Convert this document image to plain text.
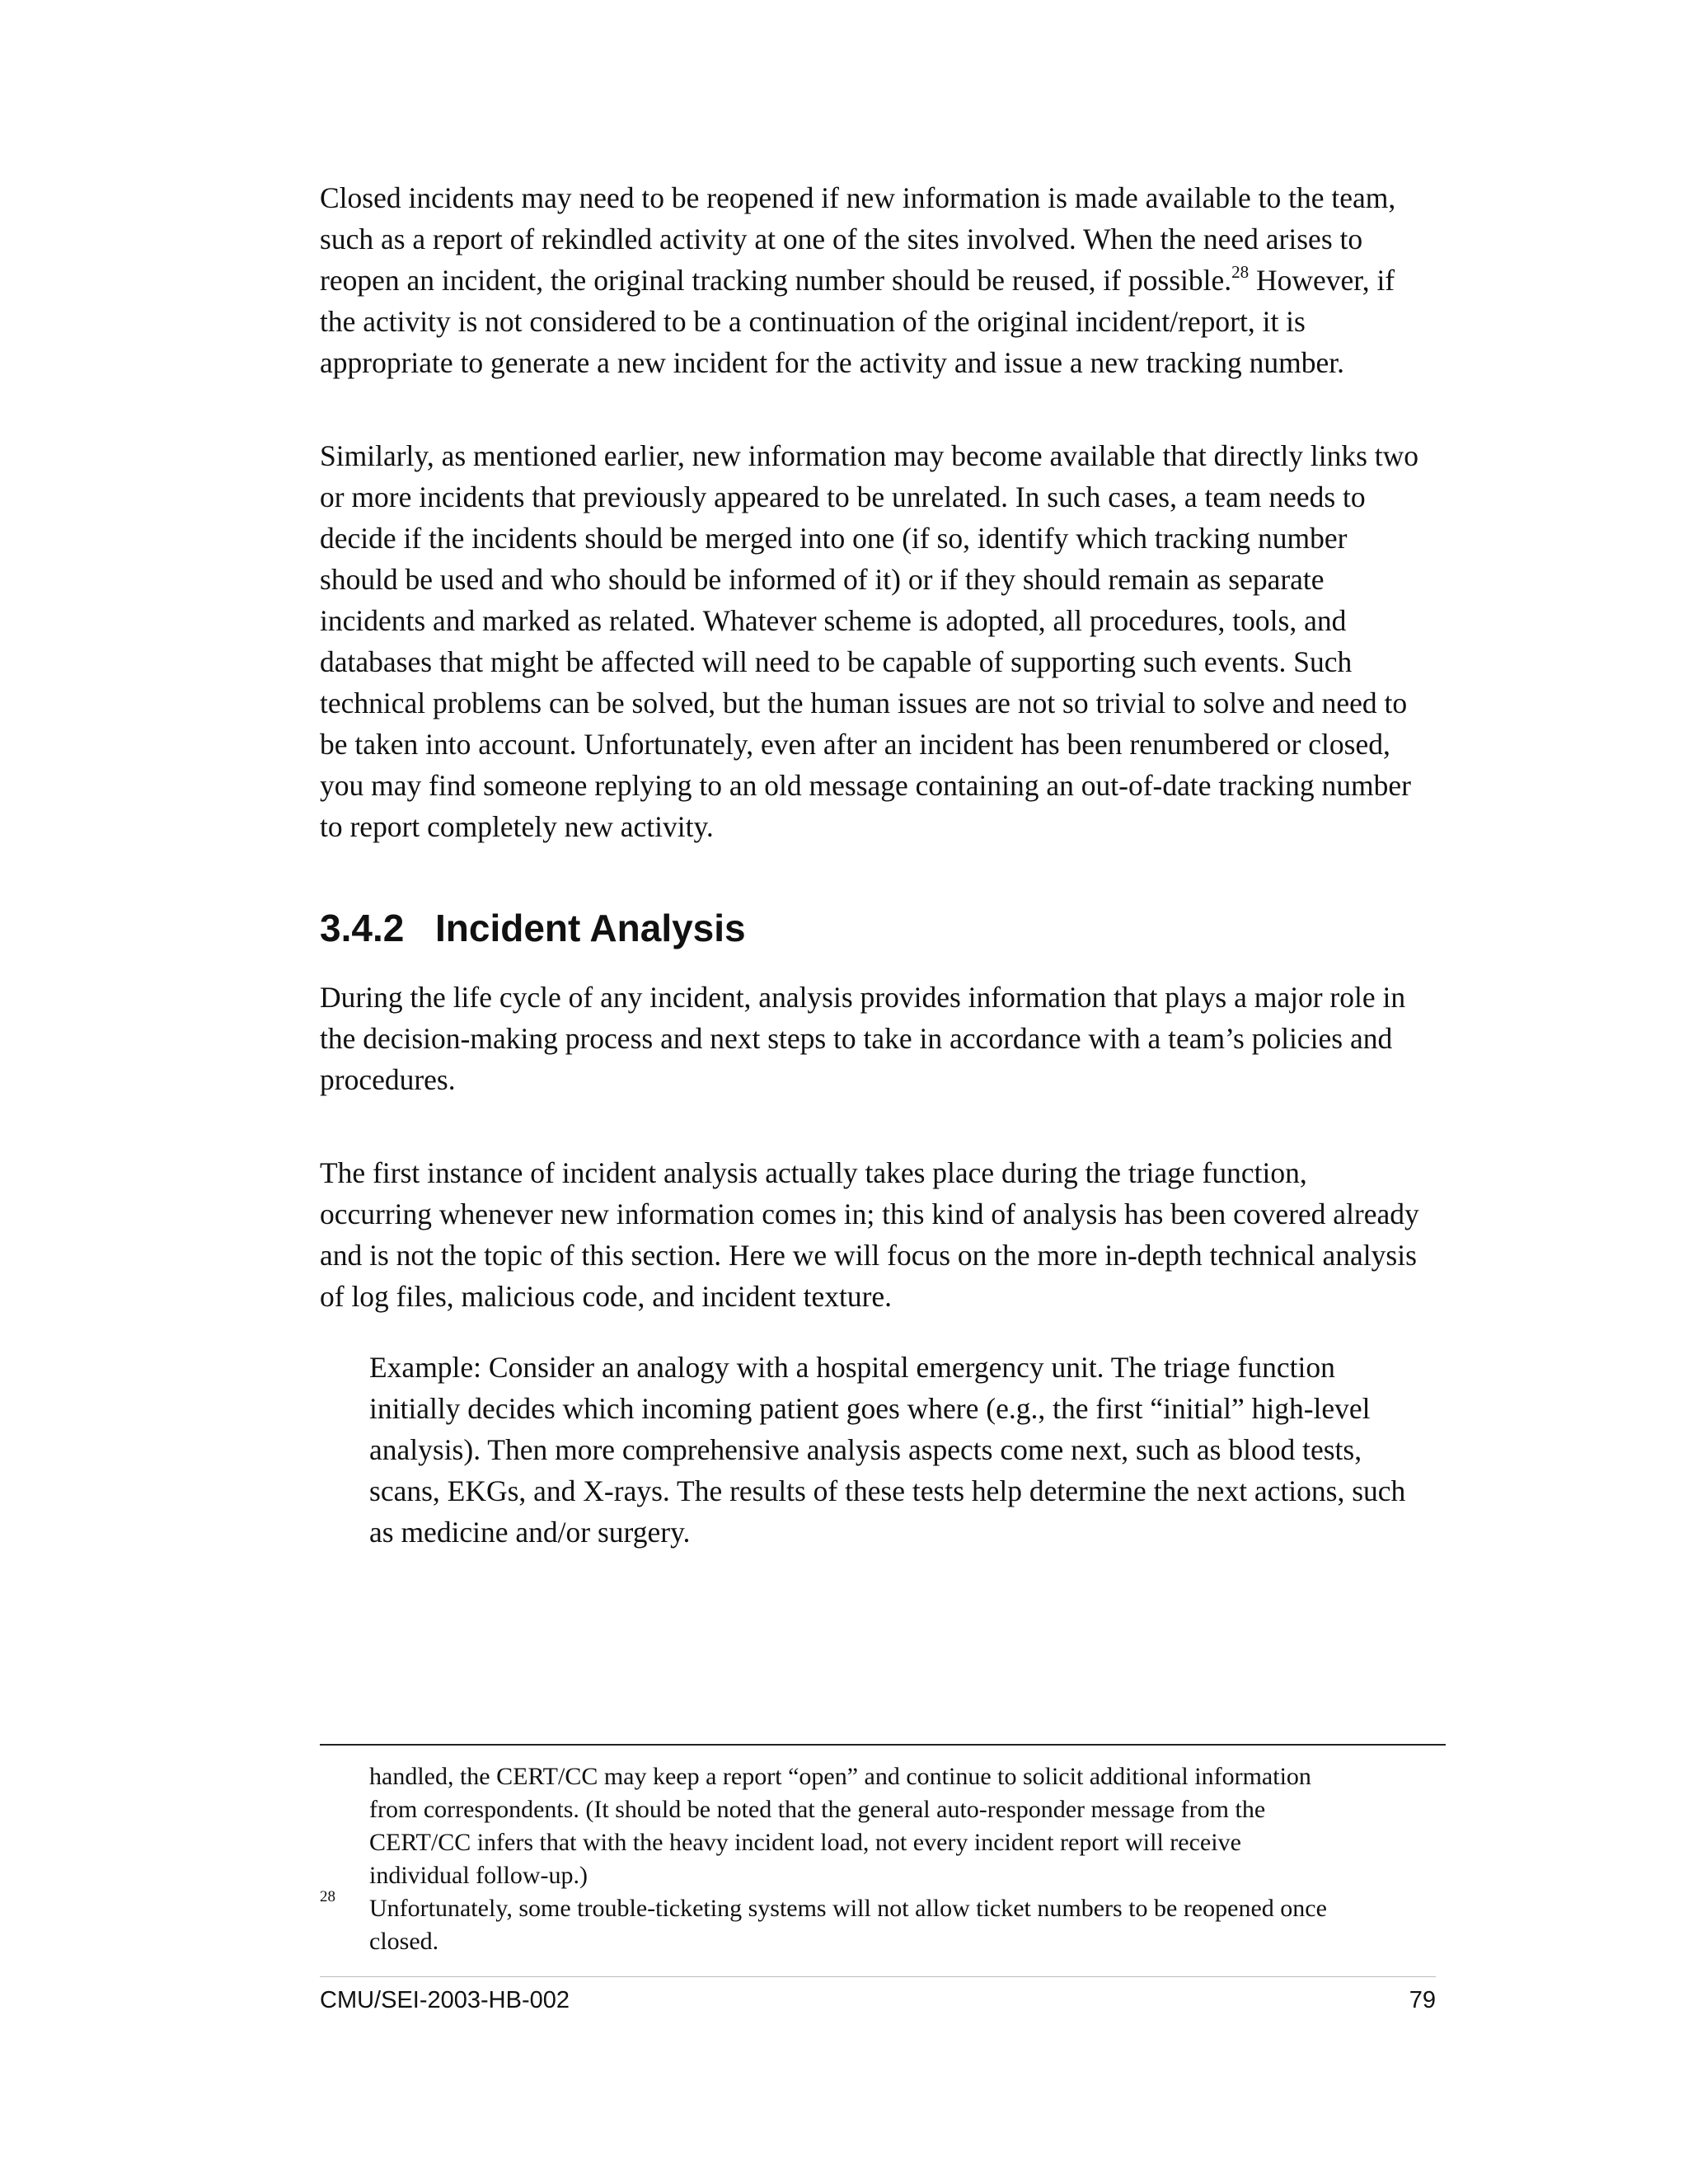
Closed incidents may need to be reopened if new information is made available to the team,
such as a report of rekindled activity at one of the sites involved. When the need arises to
reopen an incident, the original tracking number should be reused, if possible.$^{28}$ However, if
the activity is not considered to be a continuation of the original incident/report, it is
appropriate to generate a new incident for the activity and issue a new tracking number.

Similarly, as mentioned earlier, new information may become available that directly links two
or more incidents that previously appeared to be unrelated. In such cases, a team needs to
decide if the incidents should be merged into one (if so, identify which tracking number
should be used and who should be informed of it) or if they should remain as separate
incidents and marked as related. Whatever scheme is adopted, all procedures, tools, and
databases that might be affected will need to be capable of supporting such events. Such
technical problems can be solved, but the human issues are not so trivial to solve and need to
be taken into account. Unfortunately, even after an incident has been renumbered or closed,
you may find someone replying to an old message containing an out-of-date tracking number
to report completely new activity.

3.4.2 Incident Analysis

During the life cycle of any incident, analysis provides information that plays a major role in
the decision-making process and next steps to take in accordance with a team’s policies and
procedures.

The first instance of incident analysis actually takes place during the triage function,
occurring whenever new information comes in; this kind of analysis has been covered already
and is not the topic of this section. Here we will focus on the more in-depth technical analysis
of log files, malicious code, and incident texture.

Example: Consider an analogy with a hospital emergency unit. The triage function
initially decides which incoming patient goes where (e.g., the first “initial” high-level
analysis). Then more comprehensive analysis aspects come next, such as blood tests,
scans, EKGs, and X-rays. The results of these tests help determine the next actions, such
as medicine and/or surgery.

handled, the CERT/CC may keep a report “open” and continue to solicit additional information
from correspondents. (It should be noted that the general auto-responder message from the
CERT/CC infers that with the heavy incident load, not every incident report will receive
individual follow-up.)
Unfortunately, some trouble-ticketing systems will not allow ticket numbers to be reopened once
closed.
28
CMU/SEI-2003-HB-002	79
